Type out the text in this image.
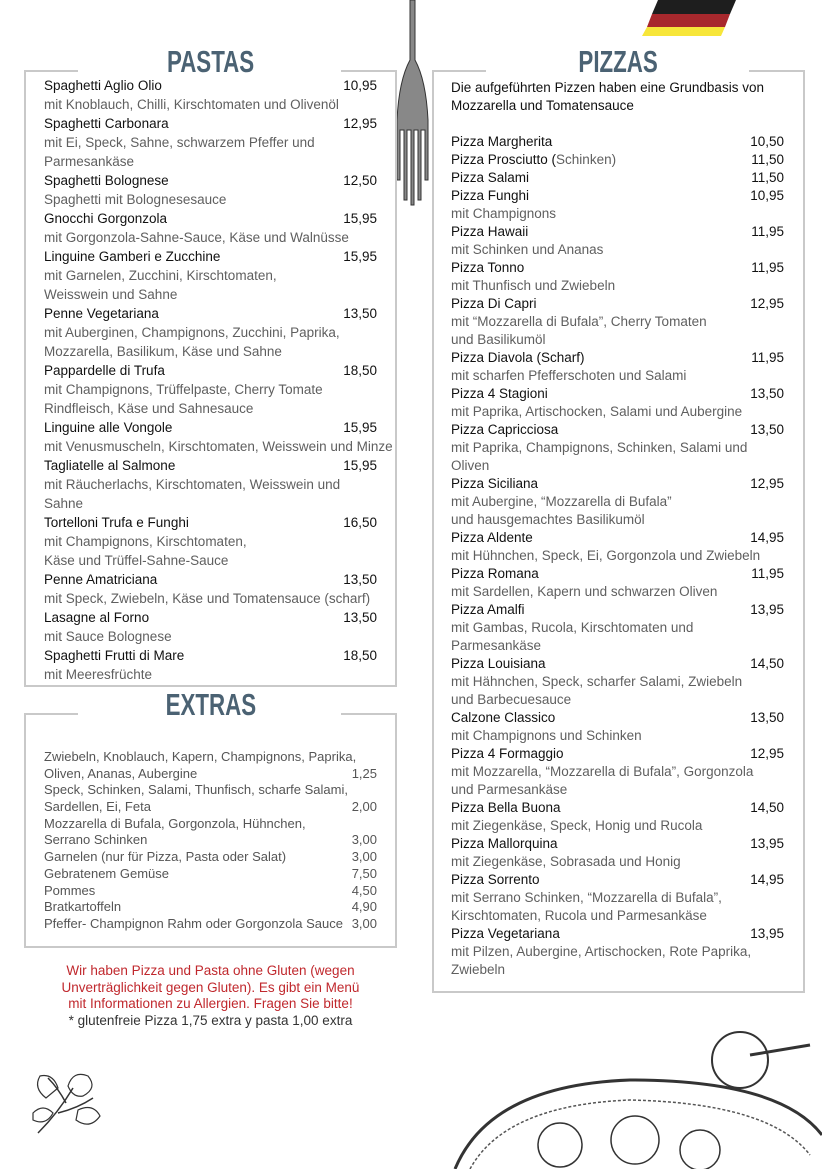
PASTAS
Spaghetti Aglio Olio	10,95
mit Knoblauch, Chilli, Kirschtomaten und Olivenöl
Spaghetti Carbonara	12,95
mit Ei, Speck, Sahne, schwarzem Pfeffer und
Parmesankäse
Spaghetti Bolognese	12,50
Spaghetti mit Bolognesesauce
Gnocchi Gorgonzola	15,95
mit Gorgonzola-Sahne-Sauce, Käse und Walnüsse
Linguine Gamberi e Zucchine	15,95
mit Garnelen, Zucchini, Kirschtomaten,
Weisswein und Sahne
Penne Vegetariana	13,50
mit Auberginen, Champignons, Zucchini, Paprika,
Mozzarella, Basilikum, Käse und Sahne
Pappardelle di Trufa	18,50
mit Champignons, Trüffelpaste, Cherry Tomate
Rindfleisch, Käse und Sahnesauce
Linguine alle Vongole	15,95
mit Venusmuscheln, Kirschtomaten, Weisswein und Minze
Tagliatelle al Salmone	15,95
mit Räucherlachs, Kirschtomaten, Weisswein und
Sahne
Tortelloni Trufa e Funghi	16,50
mit Champignons, Kirschtomaten,
Käse und Trüffel-Sahne-Sauce
Penne Amatriciana	13,50
mit Speck, Zwiebeln, Käse und Tomatensauce (scharf)
Lasagne al Forno	13,50
mit Sauce Bolognese
Spaghetti Frutti di Mare	18,50
mit Meeresfrüchte
EXTRAS
Zwiebeln, Knoblauch, Kapern, Champignons, Paprika,
Oliven, Ananas, Aubergine	1,25
Speck, Schinken, Salami, Thunfisch, scharfe Salami,
Sardellen, Ei, Feta	2,00
Mozzarella di Bufala, Gorgonzola, Hühnchen,
Serrano Schinken	3,00
Garnelen (nur für Pizza, Pasta oder Salat)	3,00
Gebratenem Gemüse	7,50
Pommes	4,50
Bratkartoffeln	4,90
Pfeffer- Champignon Rahm oder Gorgonzola Sauce 3,00
Wir haben Pizza und Pasta ohne Gluten (wegen
Unverträglichkeit gegen Gluten). Es gibt ein Menü
mit Informationen zu Allergien. Fragen Sie bitte!
* glutenfreie Pizza 1,75 extra y pasta 1,00 extra
PIZZAS
Die aufgeführten Pizzen haben eine Grundbasis von
Mozzarella und Tomatensauce
Pizza Margherita	10,50
Pizza Prosciutto (Schinken)	11,50
Pizza Salami	11,50
Pizza Funghi	10,95
mit Champignons
Pizza Hawaii	11,95
mit Schinken und Ananas
Pizza Tonno	11,95
mit Thunfisch und Zwiebeln
Pizza Di Capri	12,95
mit “Mozzarella di Bufala”, Cherry Tomaten
und Basilikumöl
Pizza Diavola (Scharf)	11,95
mit scharfen Pfefferschoten und Salami
Pizza 4 Stagioni	13,50
mit Paprika, Artischocken, Salami und Aubergine
Pizza Capricciosa	13,50
mit Paprika, Champignons, Schinken, Salami und
Oliven
Pizza Siciliana	12,95
mit Aubergine, “Mozzarella di Bufala”
und hausgemachtes Basilikumöl
Pizza Aldente	14,95
mit Hühnchen, Speck, Ei, Gorgonzola und Zwiebeln
Pizza Romana	11,95
mit Sardellen, Kapern und schwarzen Oliven
Pizza Amalfi	13,95
mit Gambas, Rucola, Kirschtomaten und
Parmesankäse
Pizza Louisiana	14,50
mit Hähnchen, Speck, scharfer Salami, Zwiebeln
und Barbecuesauce
Calzone Classico	13,50
mit Champignons und Schinken
Pizza 4 Formaggio	12,95
mit Mozzarella, “Mozzarella di Bufala”, Gorgonzola
und Parmesankäse
Pizza Bella Buona	14,50
mit Ziegenkäse, Speck, Honig und Rucola
Pizza Mallorquina	13,95
mit Ziegenkäse, Sobrasada und Honig
Pizza Sorrento	14,95
mit Serrano Schinken, “Mozzarella di Bufala”,
Kirschtomaten, Rucola und Parmesankäse
Pizza Vegetariana	13,95
mit Pilzen, Aubergine, Artischocken, Rote Paprika,
Zwiebeln
